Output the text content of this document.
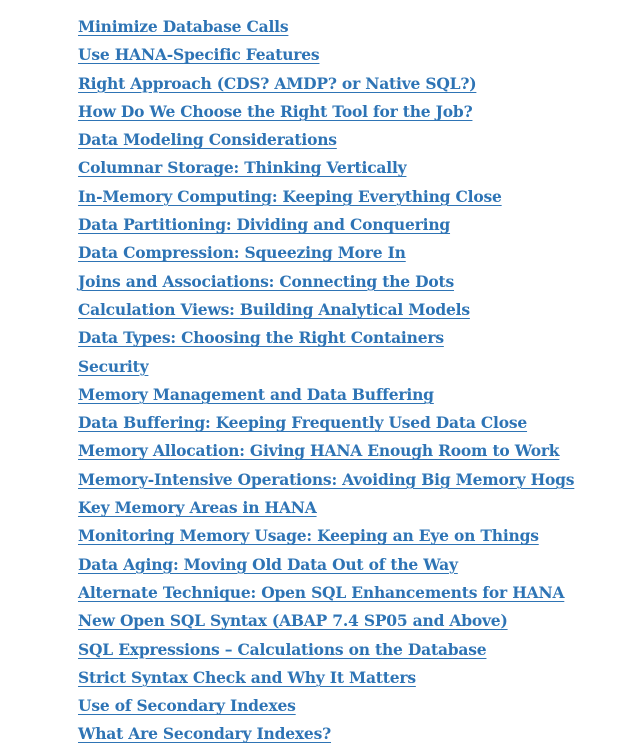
Minimize Database Calls
Use HANA-Specific Features
Right Approach (CDS? AMDP? or Native SQL?)
How Do We Choose the Right Tool for the Job?
Data Modeling Considerations
Columnar Storage: Thinking Vertically
In-Memory Computing: Keeping Everything Close
Data Partitioning: Dividing and Conquering
Data Compression: Squeezing More In
Joins and Associations: Connecting the Dots
Calculation Views: Building Analytical Models
Data Types: Choosing the Right Containers
Security
Memory Management and Data Buffering
Data Buffering: Keeping Frequently Used Data Close
Memory Allocation: Giving HANA Enough Room to Work
Memory-Intensive Operations: Avoiding Big Memory Hogs
Key Memory Areas in HANA
Monitoring Memory Usage: Keeping an Eye on Things
Data Aging: Moving Old Data Out of the Way
Alternate Technique: Open SQL Enhancements for HANA
New Open SQL Syntax (ABAP 7.4 SP05 and Above)
SQL Expressions – Calculations on the Database
Strict Syntax Check and Why It Matters
Use of Secondary Indexes
What Are Secondary Indexes?
